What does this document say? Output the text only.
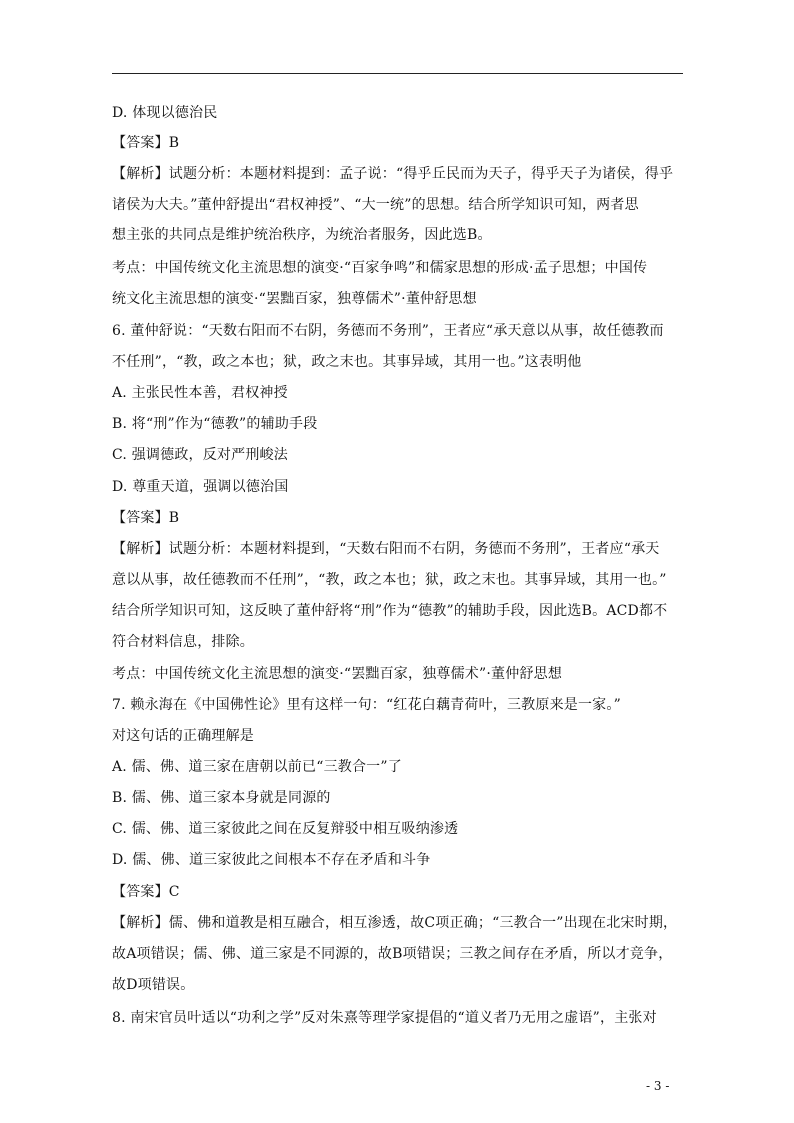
D. 体现以德治民
【答案】B
【解析】试题分析：本题材料提到：孟子说：“得乎丘民而为天子，得乎天子为诸侯，得乎
诸侯为大夫。”董仲舒提出“君权神授”、“大一统”的思想。结合所学知识可知，两者思
想主张的共同点是维护统治秩序，为统治者服务，因此选B。
考点：中国传统文化主流思想的演变·“百家争鸣”和儒家思想的形成·孟子思想；中国传
统文化主流思想的演变·“罢黜百家，独尊儒术”·董仲舒思想
6. 董仲舒说：“天数右阳而不右阴，务德而不务刑”，王者应“承天意以从事，故任德教而
不任刑”，“教，政之本也；狱，政之末也。其事异域，其用一也。”这表明他
A. 主张民性本善，君权神授
B. 将“刑”作为“德教”的辅助手段
C. 强调德政，反对严刑峻法
D. 尊重天道，强调以德治国
【答案】B
【解析】试题分析：本题材料提到，“天数右阳而不右阴，务德而不务刑”，王者应“承天
意以从事，故任德教而不任刑”，“教，政之本也；狱，政之末也。其事异域，其用一也。”
结合所学知识可知，这反映了董仲舒将“刑”作为“德教”的辅助手段，因此选B。ACD都不
符合材料信息，排除。
考点：中国传统文化主流思想的演变·“罢黜百家，独尊儒术”·董仲舒思想
7. 赖永海在《中国佛性论》里有这样一句：“红花白藕青荷叶，三教原来是一家。”
对这句话的正确理解是
A. 儒、佛、道三家在唐朝以前已“三教合一”了
B. 儒、佛、道三家本身就是同源的
C. 儒、佛、道三家彼此之间在反复辩驳中相互吸纳渗透
D. 儒、佛、道三家彼此之间根本不存在矛盾和斗争
【答案】C
【解析】儒、佛和道教是相互融合，相互渗透，故C项正确；“三教合一”出现在北宋时期，
故A项错误；儒、佛、道三家是不同源的，故B项错误；三教之间存在矛盾，所以才竞争，
故D项错误。
8. 南宋官员叶适以“功利之学”反对朱熹等理学家提倡的“道义者乃无用之虚语”，主张对
- 3 -
